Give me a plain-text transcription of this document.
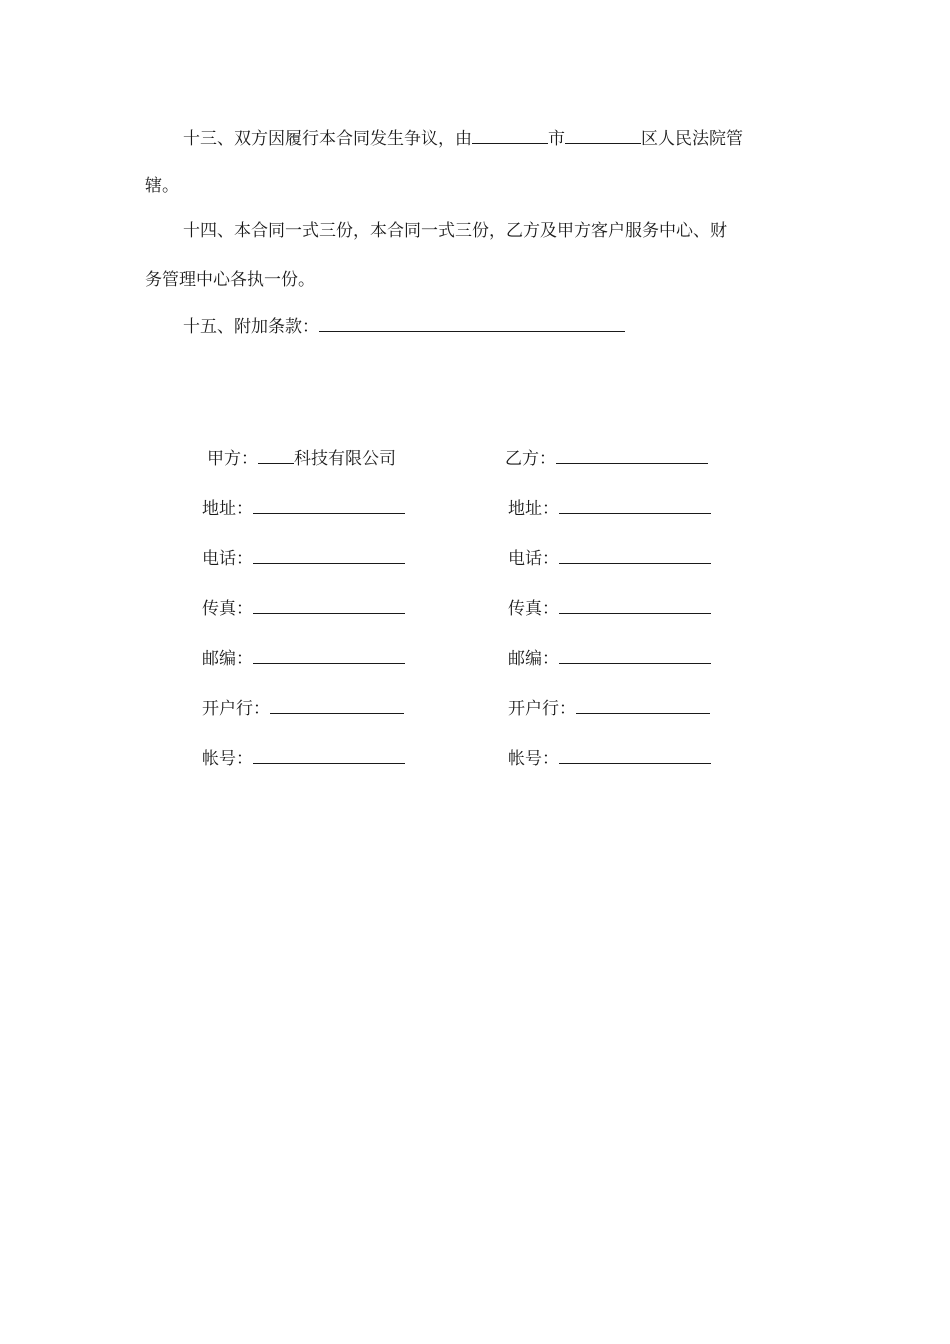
十三、双方因履行本合同发生争议，由	市	区人民法院管
辖。
十四、本合同一式三份，本合同一式三份，乙方及甲方客户服务中心、财
务管理中心各执一份。
十五、附加条款：
甲方： 科技有限公司
地址：
电话：
传真：
邮编：
开户行：
帐号：
乙方：
地址：
电话：
传真：
邮编：
开户行：
帐号：
